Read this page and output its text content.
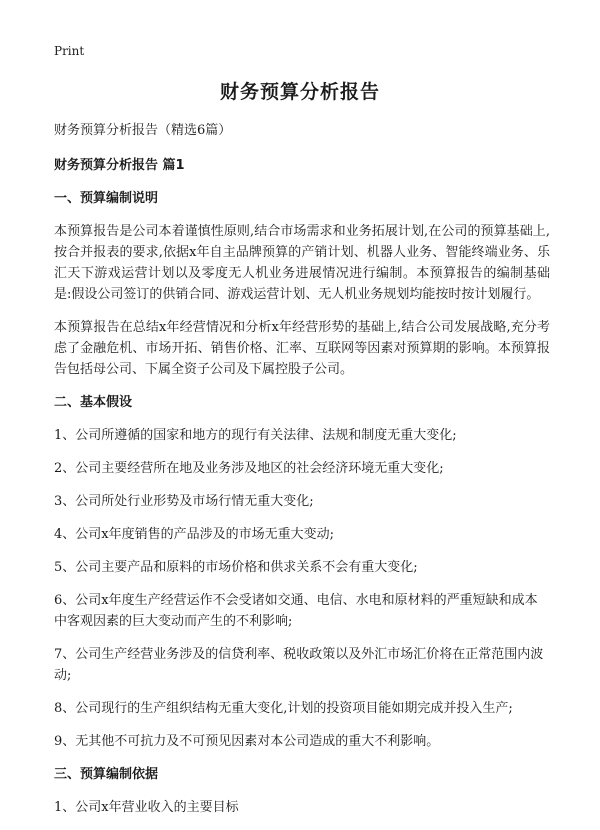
Print
财务预算分析报告

财务预算分析报告（精选6篇）

财务预算分析报告 篇1

一、预算编制说明

本预算报告是公司本着谨慎性原则,结合市场需求和业务拓展计划,在公司的预算基础上,按合并报表的要求,依据x年自主品牌预算的产销计划、机器人业务、智能终端业务、乐汇天下游戏运营计划以及零度无人机业务进展情况进行编制。本预算报告的编制基础是:假设公司签订的供销合同、游戏运营计划、无人机业务规划均能按时按计划履行。

本预算报告在总结x年经营情况和分析x年经营形势的基础上,结合公司发展战略,充分考虑了金融危机、市场开拓、销售价格、汇率、互联网等因素对预算期的影响。本预算报告包括母公司、下属全资子公司及下属控股子公司。

二、基本假设

1、公司所遵循的国家和地方的现行有关法律、法规和制度无重大变化;

2、公司主要经营所在地及业务涉及地区的社会经济环境无重大变化;

3、公司所处行业形势及市场行情无重大变化;

4、公司x年度销售的产品涉及的市场无重大变动;

5、公司主要产品和原料的市场价格和供求关系不会有重大变化;

6、公司x年度生产经营运作不会受诸如交通、电信、水电和原材料的严重短缺和成本中客观因素的巨大变动而产生的不利影响;

7、公司生产经营业务涉及的信贷利率、税收政策以及外汇市场汇价将在正常范围内波动;

8、公司现行的生产组织结构无重大变化,计划的投资项目能如期完成并投入生产;

9、无其他不可抗力及不可预见因素对本公司造成的重大不利影响。

三、预算编制依据

1、公司x年营业收入的主要目标
